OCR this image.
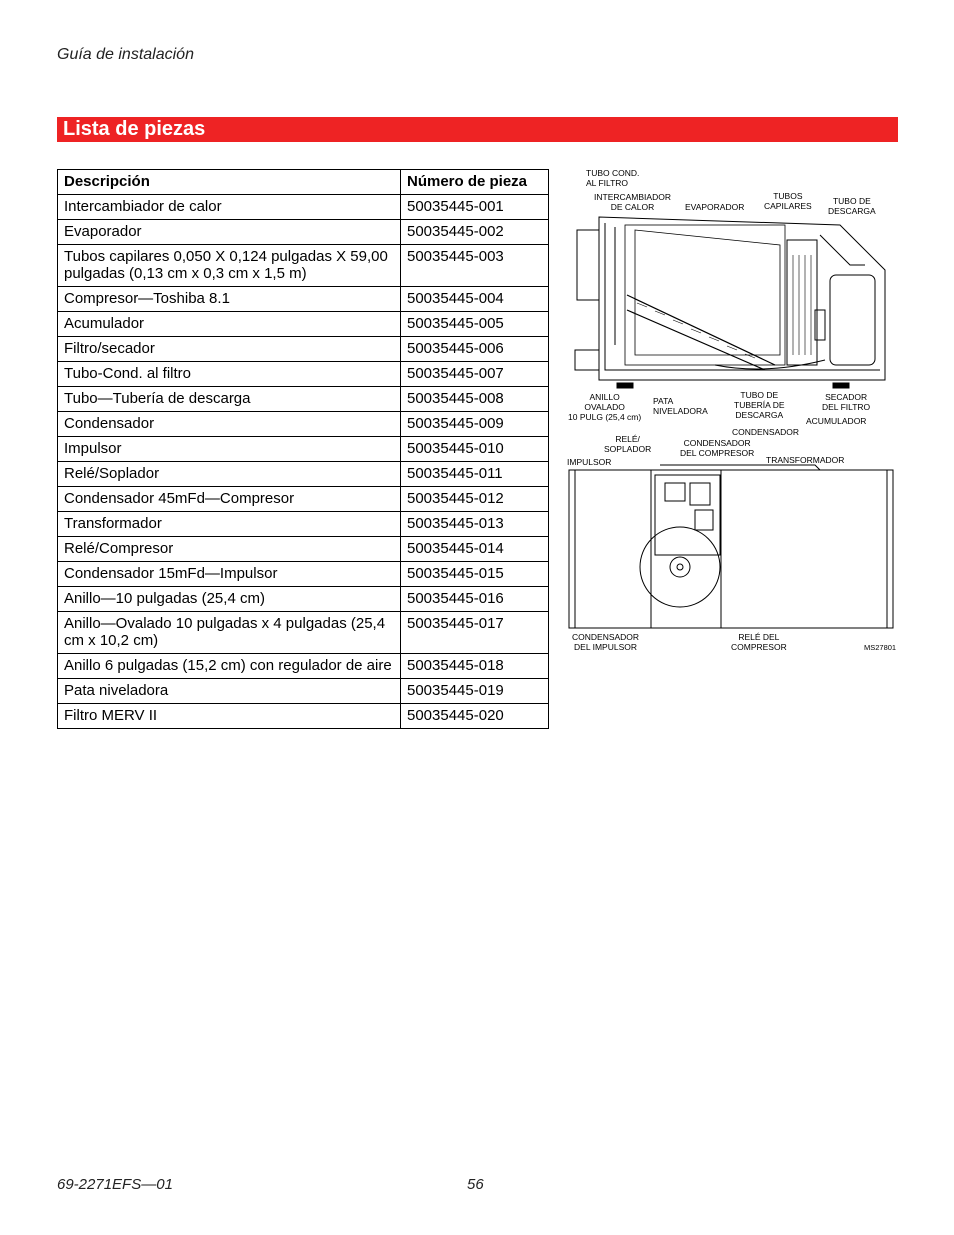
Guía de instalación
Lista de piezas
Descripción	Número de pieza
Intercambiador de calor	50035445-001
Evaporador	50035445-002
Tubos capilares 0,050 X 0,124 pulgadas X 59,00 pulgadas (0,13 cm x 0,3 cm x 1,5 m)	50035445-003
Compresor—Toshiba 8.1	50035445-004
Acumulador	50035445-005
Filtro/secador	50035445-006
Tubo-Cond. al filtro	50035445-007
Tubo—Tubería de descarga	50035445-008
Condensador	50035445-009
Impulsor	50035445-010
Relé/Soplador	50035445-011
Condensador 45mFd—Compresor	50035445-012
Transformador	50035445-013
Relé/Compresor	50035445-014
Condensador 15mFd—Impulsor	50035445-015
Anillo—10 pulgadas (25,4 cm)	50035445-016
Anillo—Ovalado 10 pulgadas x 4 pulgadas (25,4 cm x 10,2 cm)	50035445-017
Anillo 6 pulgadas (15,2 cm) con regulador de aire	50035445-018
Pata niveladora	50035445-019
Filtro MERV II	50035445-020
TUBO COND.
AL FILTRO
INTERCAMBIADOR
DE CALOR	EVAPORADOR
TUBOS
CAPILARES	TUBO DE
DESCARGA
ANILLO
OVALADO
10 PULG (25,4 cm)
PATA
NIVELADORA
TUBO DE
TUBERÍA DE
DESCARGA
SECADOR
DEL FILTRO
ACUMULADOR
CONDENSADOR
RELÉ/
SOPLADOR
CONDENSADOR
DEL COMPRESOR
IMPULSOR	TRANSFORMADOR
CONDENSADOR
DEL IMPULSOR
RELÉ DEL
COMPRESOR	MS27801
69-2271EFS—01	56
